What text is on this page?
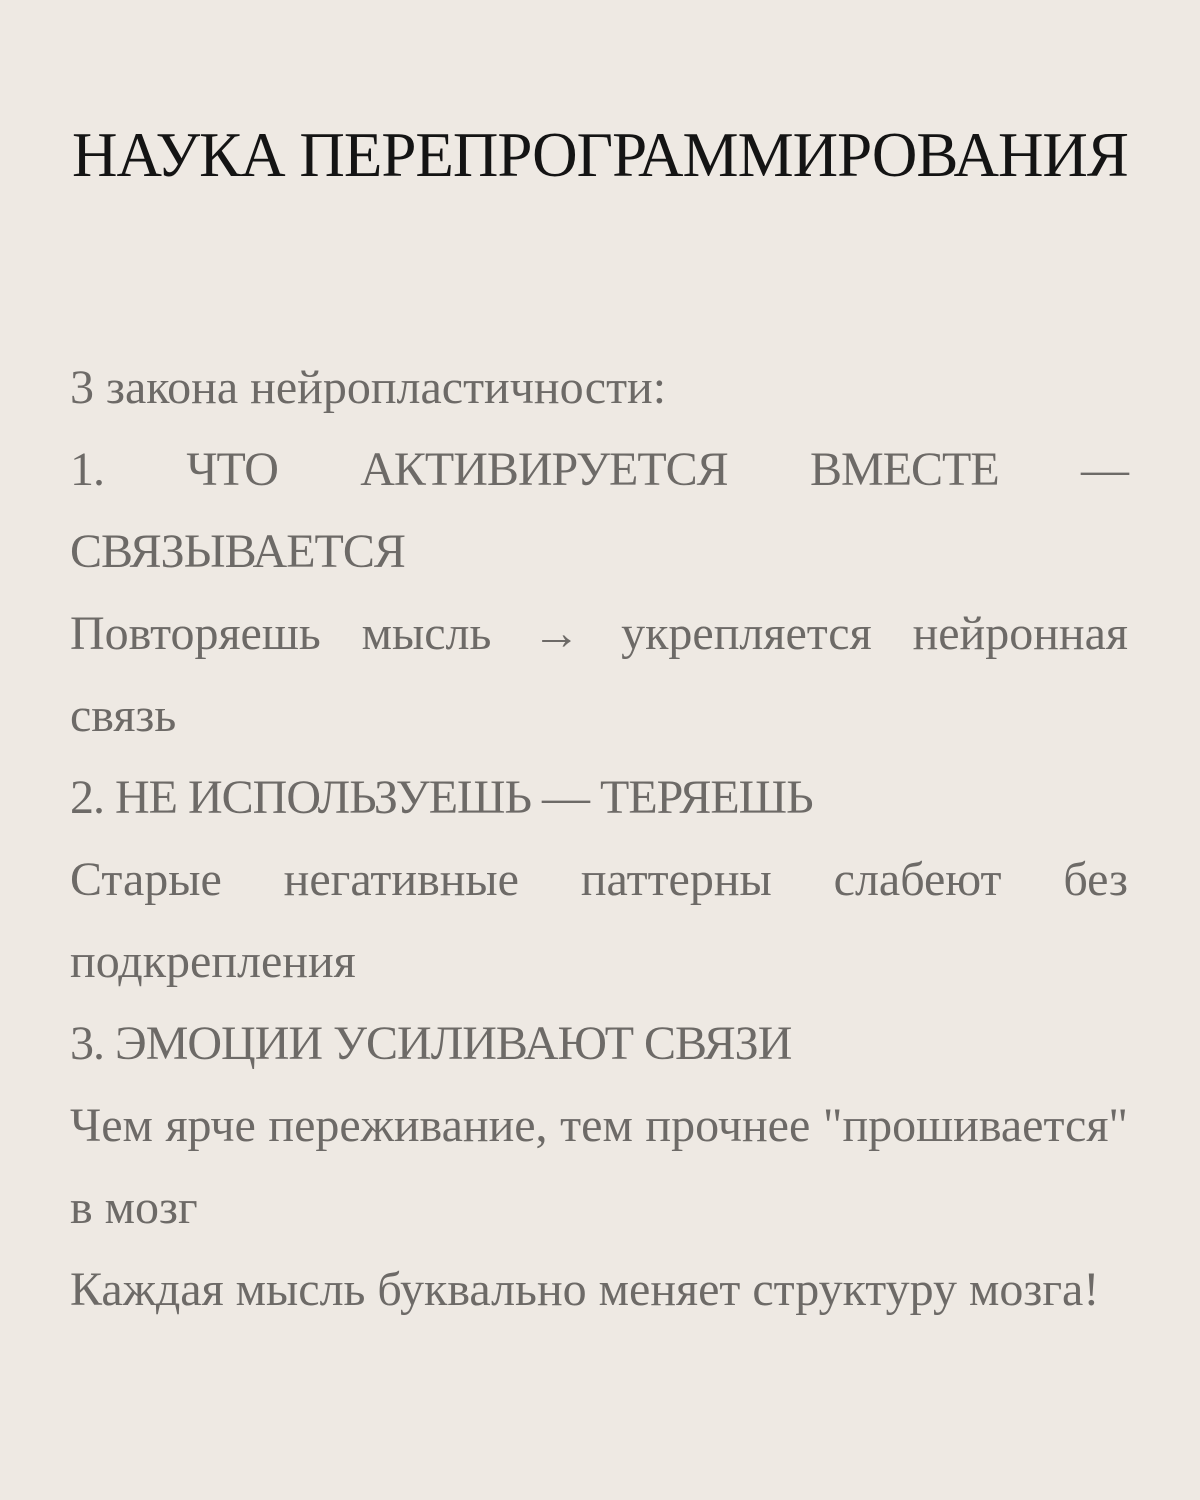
НАУКА ПЕРЕПРОГРАММИРОВАНИЯ

3 закона нейропластичности:

1. ЧТО АКТИВИРУЕТСЯ ВМЕСТЕ — СВЯЗЫВАЕТСЯ

Повторяешь мысль → укрепляется нейронная связь

2. НЕ ИСПОЛЬЗУЕШЬ — ТЕРЯЕШЬ

Старые негативные паттерны слабеют без подкрепления

3. ЭМОЦИИ УСИЛИВАЮТ СВЯЗИ

Чем ярче переживание, тем прочнее "прошивается" в мозг

Каждая мысль буквально меняет структуру мозга!
